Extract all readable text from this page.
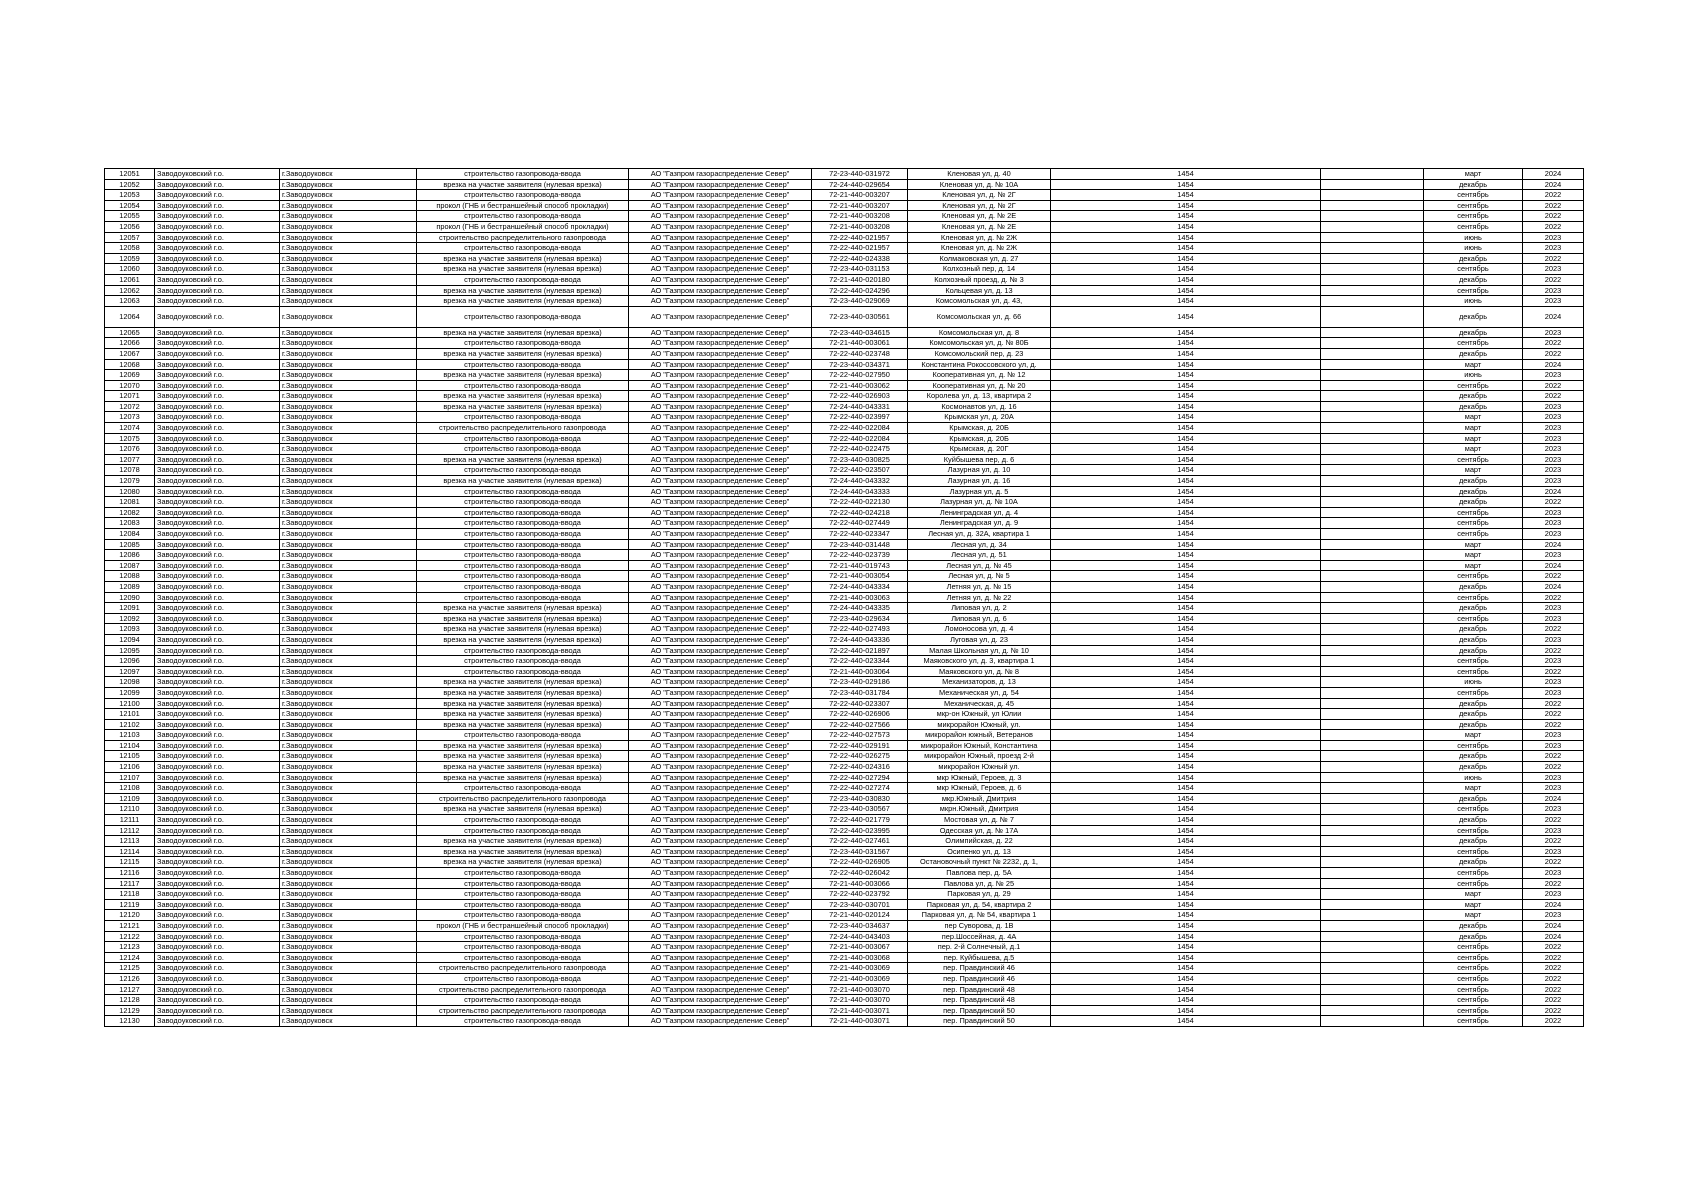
12051	Заводоуковский г.о.	г.Заводоуковск	строительство газопровода-ввода	АО "Газпром газораспределение Север"	72-23-440-031972	Кленовая ул, д. 40	1454		март	2024
12052	Заводоуковский г.о.	г.Заводоуковск	врезка на участке заявителя (нулевая врезка)	АО "Газпром газораспределение Север"	72-24-440-029654	Кленовая ул, д. № 10А	1454		декабрь	2024
12053	Заводоуковский г.о.	г.Заводоуковск	строительство газопровода-ввода	АО "Газпром газораспределение Север"	72-21-440-003207	Кленовая ул, д. № 2Г	1454		сентябрь	2022
12054	Заводоуковский г.о.	г.Заводоуковск	прокол (ГНБ и бестраншейный способ прокладки)	АО "Газпром газораспределение Север"	72-21-440-003207	Кленовая ул, д. № 2Г	1454		сентябрь	2022
12055	Заводоуковский г.о.	г.Заводоуковск	строительство газопровода-ввода	АО "Газпром газораспределение Север"	72-21-440-003208	Кленовая ул, д. № 2Е	1454		сентябрь	2022
12056	Заводоуковский г.о.	г.Заводоуковск	прокол (ГНБ и бестраншейный способ прокладки)	АО "Газпром газораспределение Север"	72-21-440-003208	Кленовая ул, д. № 2Е	1454		сентябрь	2022
12057	Заводоуковский г.о.	г.Заводоуковск	строительство распределительного газопровода	АО "Газпром газораспределение Север"	72-22-440-021957	Кленовая ул, д. № 2Ж	1454		июнь	2023
12058	Заводоуковский г.о.	г.Заводоуковск	строительство газопровода-ввода	АО "Газпром газораспределение Север"	72-22-440-021957	Кленовая ул, д. № 2Ж	1454		июнь	2023
12059	Заводоуковский г.о.	г.Заводоуковск	врезка на участке заявителя (нулевая врезка)	АО "Газпром газораспределение Север"	72-22-440-024338	Колмаковская ул, д. 27	1454		декабрь	2022
12060	Заводоуковский г.о.	г.Заводоуковск	врезка на участке заявителя (нулевая врезка)	АО "Газпром газораспределение Север"	72-23-440-031153	Колхозный пер, д. 14	1454		сентябрь	2023
12061	Заводоуковский г.о.	г.Заводоуковск	строительство газопровода-ввода	АО "Газпром газораспределение Север"	72-21-440-020180	Колхозный проезд, д. № 3	1454		декабрь	2022
12062	Заводоуковский г.о.	г.Заводоуковск	врезка на участке заявителя (нулевая врезка)	АО "Газпром газораспределение Север"	72-22-440-024296	Кольцевая ул, д. 13	1454		сентябрь	2023
12063	Заводоуковский г.о.	г.Заводоуковск	врезка на участке заявителя (нулевая врезка)	АО "Газпром газораспределение Север"	72-23-440-029069	Комсомольская ул, д. 43,	1454		июнь	2023
12064	Заводоуковский г.о.	г.Заводоуковск	строительство газопровода-ввода	АО "Газпром газораспределение Север"	72-23-440-030561	Комсомольская ул, д. 66	1454		декабрь	2024
12065	Заводоуковский г.о.	г.Заводоуковск	врезка на участке заявителя (нулевая врезка)	АО "Газпром газораспределение Север"	72-23-440-034615	Комсомольская ул, д. 8	1454		декабрь	2023
12066	Заводоуковский г.о.	г.Заводоуковск	строительство газопровода-ввода	АО "Газпром газораспределение Север"	72-21-440-003061	Комсомольская ул, д. № 80Б	1454		сентябрь	2022
12067	Заводоуковский г.о.	г.Заводоуковск	врезка на участке заявителя (нулевая врезка)	АО "Газпром газораспределение Север"	72-22-440-023748	Комсомольский пер, д. 23	1454		декабрь	2022
12068	Заводоуковский г.о.	г.Заводоуковск	строительство газопровода-ввода	АО "Газпром газораспределение Север"	72-23-440-034371	Константина Рокоссовского ул, д.	1454		март	2024
12069	Заводоуковский г.о.	г.Заводоуковск	врезка на участке заявителя (нулевая врезка)	АО "Газпром газораспределение Север"	72-22-440-027950	Кооперативная ул, д. № 12	1454		июнь	2023
12070	Заводоуковский г.о.	г.Заводоуковск	строительство газопровода-ввода	АО "Газпром газораспределение Север"	72-21-440-003062	Кооперативная ул, д. № 20	1454		сентябрь	2022
12071	Заводоуковский г.о.	г.Заводоуковск	врезка на участке заявителя (нулевая врезка)	АО "Газпром газораспределение Север"	72-22-440-026903	Королева ул, д. 13, квартира 2	1454		декабрь	2022
12072	Заводоуковский г.о.	г.Заводоуковск	врезка на участке заявителя (нулевая врезка)	АО "Газпром газораспределение Север"	72-24-440-043331	Космонавтов ул, д. 16	1454		декабрь	2023
12073	Заводоуковский г.о.	г.Заводоуковск	строительство газопровода-ввода	АО "Газпром газораспределение Север"	72-22-440-023997	Крымская ул, д. 20А	1454		март	2023
12074	Заводоуковский г.о.	г.Заводоуковск	строительство распределительного газопровода	АО "Газпром газораспределение Север"	72-22-440-022084	Крымская, д. 20Б	1454		март	2023
12075	Заводоуковский г.о.	г.Заводоуковск	строительство газопровода-ввода	АО "Газпром газораспределение Север"	72-22-440-022084	Крымская, д. 20Б	1454		март	2023
12076	Заводоуковский г.о.	г.Заводоуковск	строительство газопровода-ввода	АО "Газпром газораспределение Север"	72-22-440-022475	Крымская, д. 20Г	1454		март	2023
12077	Заводоуковский г.о.	г.Заводоуковск	врезка на участке заявителя (нулевая врезка)	АО "Газпром газораспределение Север"	72-23-440-030825	Куйбышева пер, д. 6	1454		сентябрь	2023
12078	Заводоуковский г.о.	г.Заводоуковск	строительство газопровода-ввода	АО "Газпром газораспределение Север"	72-22-440-023507	Лазурная ул, д. 10	1454		март	2023
12079	Заводоуковский г.о.	г.Заводоуковск	врезка на участке заявителя (нулевая врезка)	АО "Газпром газораспределение Север"	72-24-440-043332	Лазурная ул, д. 16	1454		декабрь	2023
12080	Заводоуковский г.о.	г.Заводоуковск	строительство газопровода-ввода	АО "Газпром газораспределение Север"	72-24-440-043333	Лазурная ул, д. 5	1454		декабрь	2024
12081	Заводоуковский г.о.	г.Заводоуковск	строительство газопровода-ввода	АО "Газпром газораспределение Север"	72-22-440-022130	Лазурная ул, д. № 10А	1454		декабрь	2022
12082	Заводоуковский г.о.	г.Заводоуковск	строительство газопровода-ввода	АО "Газпром газораспределение Север"	72-22-440-024218	Ленинградская ул, д. 4	1454		сентябрь	2023
12083	Заводоуковский г.о.	г.Заводоуковск	строительство газопровода-ввода	АО "Газпром газораспределение Север"	72-22-440-027449	Ленинградская ул, д. 9	1454		сентябрь	2023
12084	Заводоуковский г.о.	г.Заводоуковск	строительство газопровода-ввода	АО "Газпром газораспределение Север"	72-22-440-023347	Лесная ул, д. 32А, квартира 1	1454		сентябрь	2023
12085	Заводоуковский г.о.	г.Заводоуковск	строительство газопровода-ввода	АО "Газпром газораспределение Север"	72-23-440-031448	Лесная ул, д. 34	1454		март	2024
12086	Заводоуковский г.о.	г.Заводоуковск	строительство газопровода-ввода	АО "Газпром газораспределение Север"	72-22-440-023739	Лесная ул, д. 51	1454		март	2023
12087	Заводоуковский г.о.	г.Заводоуковск	строительство газопровода-ввода	АО "Газпром газораспределение Север"	72-21-440-019743	Лесная ул, д. № 45	1454		март	2024
12088	Заводоуковский г.о.	г.Заводоуковск	строительство газопровода-ввода	АО "Газпром газораспределение Север"	72-21-440-003054	Лесная ул, д. № 5	1454		сентябрь	2022
12089	Заводоуковский г.о.	г.Заводоуковск	строительство газопровода-ввода	АО "Газпром газораспределение Север"	72-24-440-043334	Летняя ул, д. № 15	1454		декабрь	2024
12090	Заводоуковский г.о.	г.Заводоуковск	строительство газопровода-ввода	АО "Газпром газораспределение Север"	72-21-440-003063	Летняя ул, д. № 22	1454		сентябрь	2022
12091	Заводоуковский г.о.	г.Заводоуковск	врезка на участке заявителя (нулевая врезка)	АО "Газпром газораспределение Север"	72-24-440-043335	Липовая ул, д. 2	1454		декабрь	2023
12092	Заводоуковский г.о.	г.Заводоуковск	врезка на участке заявителя (нулевая врезка)	АО "Газпром газораспределение Север"	72-23-440-029634	Липовая ул, д. 6	1454		сентябрь	2023
12093	Заводоуковский г.о.	г.Заводоуковск	врезка на участке заявителя (нулевая врезка)	АО "Газпром газораспределение Север"	72-22-440-027493	Ломоносова ул, д. 4	1454		декабрь	2022
12094	Заводоуковский г.о.	г.Заводоуковск	врезка на участке заявителя (нулевая врезка)	АО "Газпром газораспределение Север"	72-24-440-043336	Луговая ул, д. 23	1454		декабрь	2023
12095	Заводоуковский г.о.	г.Заводоуковск	строительство газопровода-ввода	АО "Газпром газораспределение Север"	72-22-440-021897	Малая Школьная ул, д. № 10	1454		декабрь	2022
12096	Заводоуковский г.о.	г.Заводоуковск	строительство газопровода-ввода	АО "Газпром газораспределение Север"	72-22-440-023344	Маяковского ул, д. 3, квартира 1	1454		сентябрь	2023
12097	Заводоуковский г.о.	г.Заводоуковск	строительство газопровода-ввода	АО "Газпром газораспределение Север"	72-21-440-003064	Маяковского ул, д. № 8	1454		сентябрь	2022
12098	Заводоуковский г.о.	г.Заводоуковск	врезка на участке заявителя (нулевая врезка)	АО "Газпром газораспределение Север"	72-23-440-029186	Механизаторов, д. 13	1454		июнь	2023
12099	Заводоуковский г.о.	г.Заводоуковск	врезка на участке заявителя (нулевая врезка)	АО "Газпром газораспределение Север"	72-23-440-031784	Механическая ул, д. 54	1454		сентябрь	2023
12100	Заводоуковский г.о.	г.Заводоуковск	врезка на участке заявителя (нулевая врезка)	АО "Газпром газораспределение Север"	72-22-440-023307	Механическая, д. 45	1454		декабрь	2022
12101	Заводоуковский г.о.	г.Заводоуковск	врезка на участке заявителя (нулевая врезка)	АО "Газпром газораспределение Север"	72-22-440-026906	мкр-он Южный, ул Юлии	1454		декабрь	2022
12102	Заводоуковский г.о.	г.Заводоуковск	врезка на участке заявителя (нулевая врезка)	АО "Газпром газораспределение Север"	72-22-440-027566	микрорайон Южный, ул.	1454		декабрь	2022
12103	Заводоуковский г.о.	г.Заводоуковск	строительство газопровода-ввода	АО "Газпром газораспределение Север"	72-22-440-027573	микрорайон южный, Ветеранов	1454		март	2023
12104	Заводоуковский г.о.	г.Заводоуковск	врезка на участке заявителя (нулевая врезка)	АО "Газпром газораспределение Север"	72-22-440-029191	микрорайон Южный, Константина	1454		сентябрь	2023
12105	Заводоуковский г.о.	г.Заводоуковск	врезка на участке заявителя (нулевая врезка)	АО "Газпром газораспределение Север"	72-22-440-026275	микрорайон Южный, проезд 2-й	1454		декабрь	2022
12106	Заводоуковский г.о.	г.Заводоуковск	врезка на участке заявителя (нулевая врезка)	АО "Газпром газораспределение Север"	72-22-440-024316	микрорайон Южный ул.	1454		декабрь	2022
12107	Заводоуковский г.о.	г.Заводоуковск	врезка на участке заявителя (нулевая врезка)	АО "Газпром газораспределение Север"	72-22-440-027294	мкр Южный, Героев, д. 3	1454		июнь	2023
12108	Заводоуковский г.о.	г.Заводоуковск	строительство газопровода-ввода	АО "Газпром газораспределение Север"	72-22-440-027274	мкр Южный, Героев, д. 6	1454		март	2023
12109	Заводоуковский г.о.	г.Заводоуковск	строительство распределительного газопровода	АО "Газпром газораспределение Север"	72-23-440-030830	мкр.Южный, Дмитрия	1454		декабрь	2024
12110	Заводоуковский г.о.	г.Заводоуковск	врезка на участке заявителя (нулевая врезка)	АО "Газпром газораспределение Север"	72-23-440-030567	мкрн.Южный, Дмитрия	1454		сентябрь	2023
12111	Заводоуковский г.о.	г.Заводоуковск	строительство газопровода-ввода	АО "Газпром газораспределение Север"	72-22-440-021779	Мостовая ул, д. № 7	1454		декабрь	2022
12112	Заводоуковский г.о.	г.Заводоуковск	строительство газопровода-ввода	АО "Газпром газораспределение Север"	72-22-440-023995	Одесская ул, д. № 17А	1454		сентябрь	2023
12113	Заводоуковский г.о.	г.Заводоуковск	врезка на участке заявителя (нулевая врезка)	АО "Газпром газораспределение Север"	72-22-440-027461	Олимпийская, д. 22	1454		декабрь	2022
12114	Заводоуковский г.о.	г.Заводоуковск	врезка на участке заявителя (нулевая врезка)	АО "Газпром газораспределение Север"	72-23-440-031567	Осипенко ул, д. 13	1454		сентябрь	2023
12115	Заводоуковский г.о.	г.Заводоуковск	врезка на участке заявителя (нулевая врезка)	АО "Газпром газораспределение Север"	72-22-440-026905	Остановочный пункт № 2232, д. 1,	1454		декабрь	2022
12116	Заводоуковский г.о.	г.Заводоуковск	строительство газопровода-ввода	АО "Газпром газораспределение Север"	72-22-440-026042	Павлова пер, д. 5А	1454		сентябрь	2023
12117	Заводоуковский г.о.	г.Заводоуковск	строительство газопровода-ввода	АО "Газпром газораспределение Север"	72-21-440-003066	Павлова ул, д. № 25	1454		сентябрь	2022
12118	Заводоуковский г.о.	г.Заводоуковск	строительство газопровода-ввода	АО "Газпром газораспределение Север"	72-22-440-023792	Парковая ул, д. 29	1454		март	2023
12119	Заводоуковский г.о.	г.Заводоуковск	строительство газопровода-ввода	АО "Газпром газораспределение Север"	72-23-440-030701	Парковая ул, д. 54, квартира 2	1454		март	2024
12120	Заводоуковский г.о.	г.Заводоуковск	строительство газопровода-ввода	АО "Газпром газораспределение Север"	72-21-440-020124	Парковая ул, д. № 54, квартира 1	1454		март	2023
12121	Заводоуковский г.о.	г.Заводоуковск	прокол (ГНБ и бестраншейный способ прокладки)	АО "Газпром газораспределение Север"	72-23-440-034637	пер Суворова, д. 1В	1454		декабрь	2024
12122	Заводоуковский г.о.	г.Заводоуковск	строительство газопровода-ввода	АО "Газпром газораспределение Север"	72-24-440-043403	пер.Шоссейная, д. 4А	1454		декабрь	2024
12123	Заводоуковский г.о.	г.Заводоуковск	строительство газопровода-ввода	АО "Газпром газораспределение Север"	72-21-440-003067	пер. 2-й Солнечный, д.1	1454		сентябрь	2022
12124	Заводоуковский г.о.	г.Заводоуковск	строительство газопровода-ввода	АО "Газпром газораспределение Север"	72-21-440-003068	пер. Куйбышева, д.5	1454		сентябрь	2022
12125	Заводоуковский г.о.	г.Заводоуковск	строительство распределительного газопровода	АО "Газпром газораспределение Север"	72-21-440-003069	пер. Правдинский 46	1454		сентябрь	2022
12126	Заводоуковский г.о.	г.Заводоуковск	строительство газопровода-ввода	АО "Газпром газораспределение Север"	72-21-440-003069	пер. Правдинский 46	1454		сентябрь	2022
12127	Заводоуковский г.о.	г.Заводоуковск	строительство распределительного газопровода	АО "Газпром газораспределение Север"	72-21-440-003070	пер. Правдинский 48	1454		сентябрь	2022
12128	Заводоуковский г.о.	г.Заводоуковск	строительство газопровода-ввода	АО "Газпром газораспределение Север"	72-21-440-003070	пер. Правдинский 48	1454		сентябрь	2022
12129	Заводоуковский г.о.	г.Заводоуковск	строительство распределительного газопровода	АО "Газпром газораспределение Север"	72-21-440-003071	пер. Правдинский 50	1454		сентябрь	2022
12130	Заводоуковский г.о.	г.Заводоуковск	строительство газопровода-ввода	АО "Газпром газораспределение Север"	72-21-440-003071	пер. Правдинский 50	1454		сентябрь	2022
